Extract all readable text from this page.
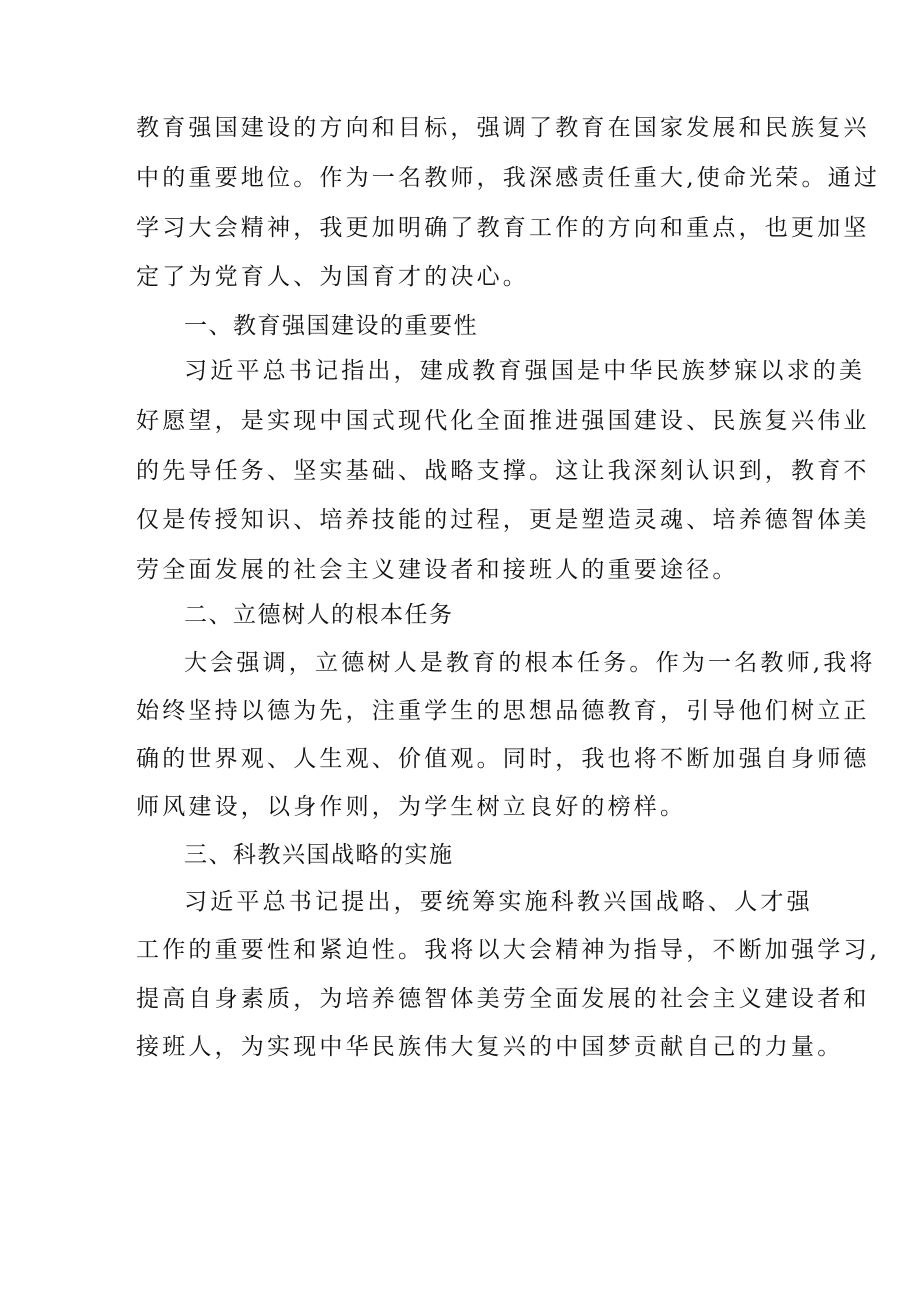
教育强国建设的方向和目标，强调了教育在国家发展和民族复兴
中的重要地位。作为一名教师，我深感责任重大,使命光荣。通过
学习大会精神，我更加明确了教育工作的方向和重点，也更加坚
定了为党育人、为国育才的决心。
一、教育强国建设的重要性
习近平总书记指出，建成教育强国是中华民族梦寐以求的美
好愿望，是实现中国式现代化全面推进强国建设、民族复兴伟业
的先导任务、坚实基础、战略支撑。这让我深刻认识到，教育不
仅是传授知识、培养技能的过程，更是塑造灵魂、培养德智体美
劳全面发展的社会主义建设者和接班人的重要途径。
二、立德树人的根本任务
大会强调，立德树人是教育的根本任务。作为一名教师,我将
始终坚持以德为先，注重学生的思想品德教育，引导他们树立正
确的世界观、人生观、价值观。同时，我也将不断加强自身师德
师风建设，以身作则，为学生树立良好的榜样。
三、科教兴国战略的实施
习近平总书记提出，要统筹实施科教兴国战略、人才强
工作的重要性和紧迫性。我将以大会精神为指导，不断加强学习,
提高自身素质，为培养德智体美劳全面发展的社会主义建设者和
接班人，为实现中华民族伟大复兴的中国梦贡献自己的力量。
